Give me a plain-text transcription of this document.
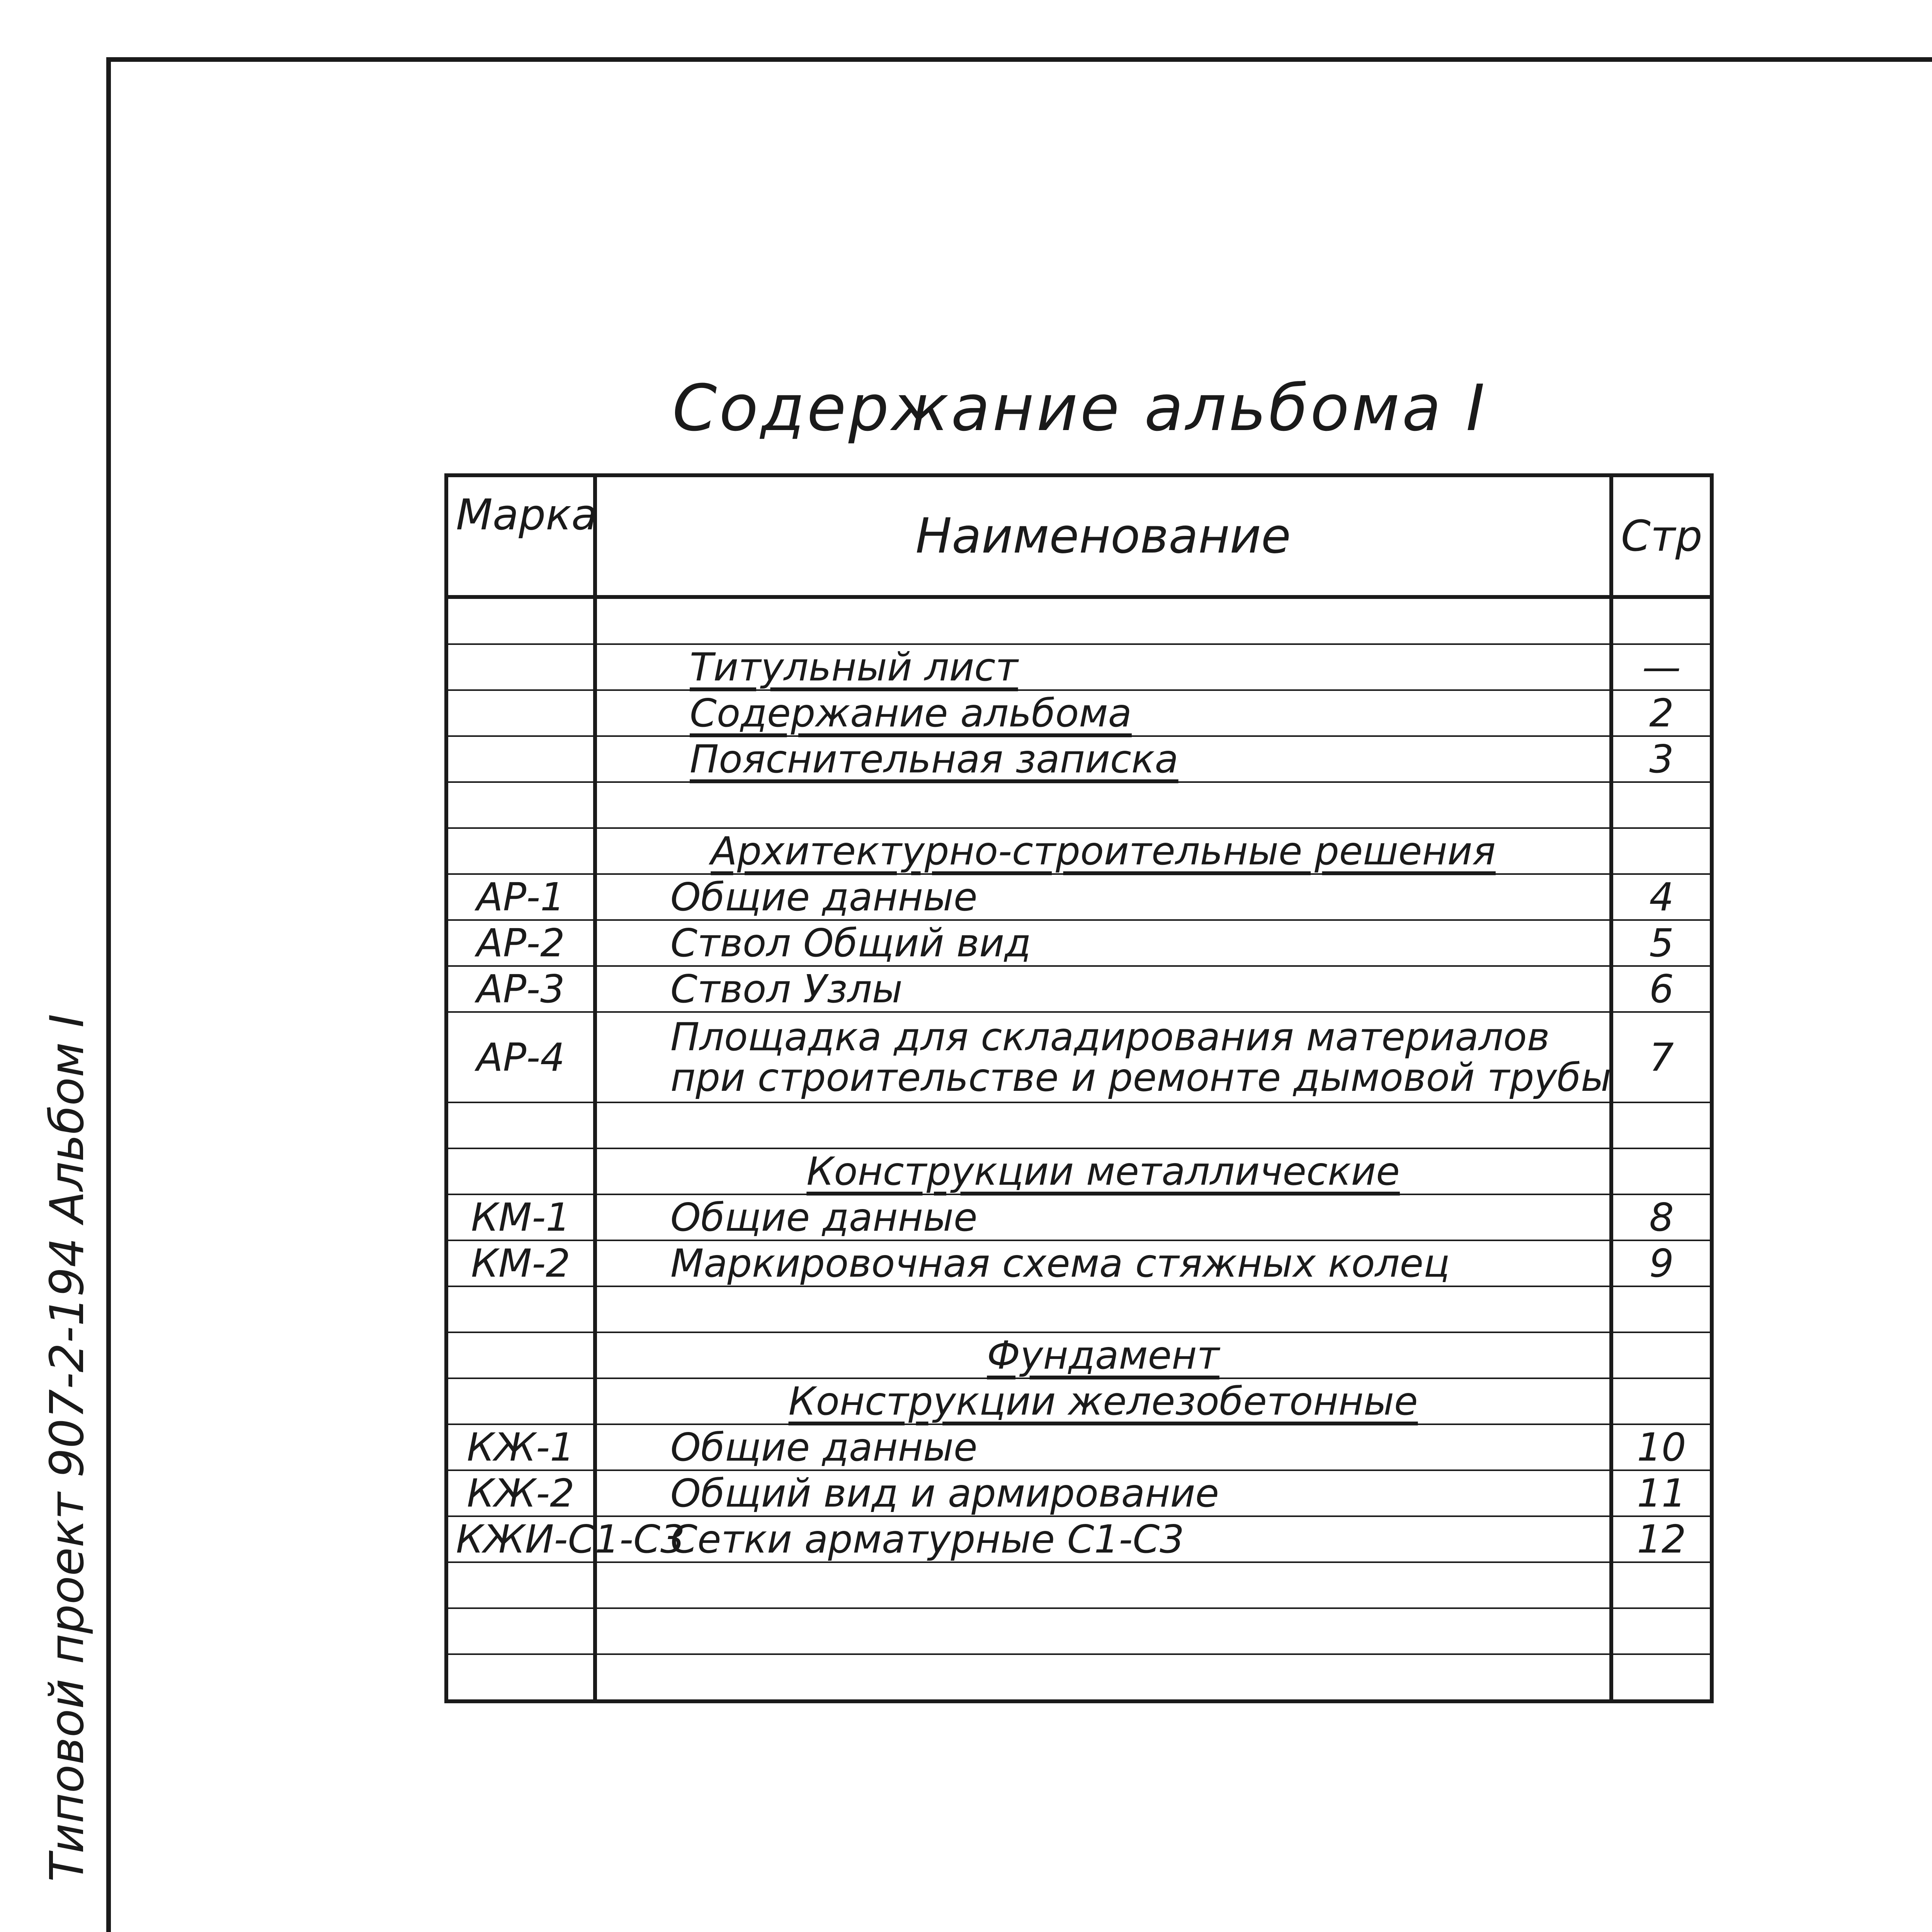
Типовой проект 907-2-194 Альбом I
Содержание альбома I
Марка	Наименование	Стр

	Титульный лист	—
	Содержание альбома	2
	Пояснительная записка	3

	Архитектурно-строительные решения	
АР-1	Общие данные	4
АР-2	Ствол Общий вид	5
АР-3	Ствол Узлы	6
АР-4	Площадка для складирования материалов
при строительстве и ремонте дымовой трубы	7

	Конструкции металлические	
КМ-1	Общие данные	8
КМ-2	Маркировочная схема стяжных колец	9

	Фундамент	
	Конструкции железобетонные	
КЖ-1	Общие данные	10
КЖ-2	Общий вид и армирование	11
КЖИ-С1-С3	Сетки арматурные С1-С3	12
